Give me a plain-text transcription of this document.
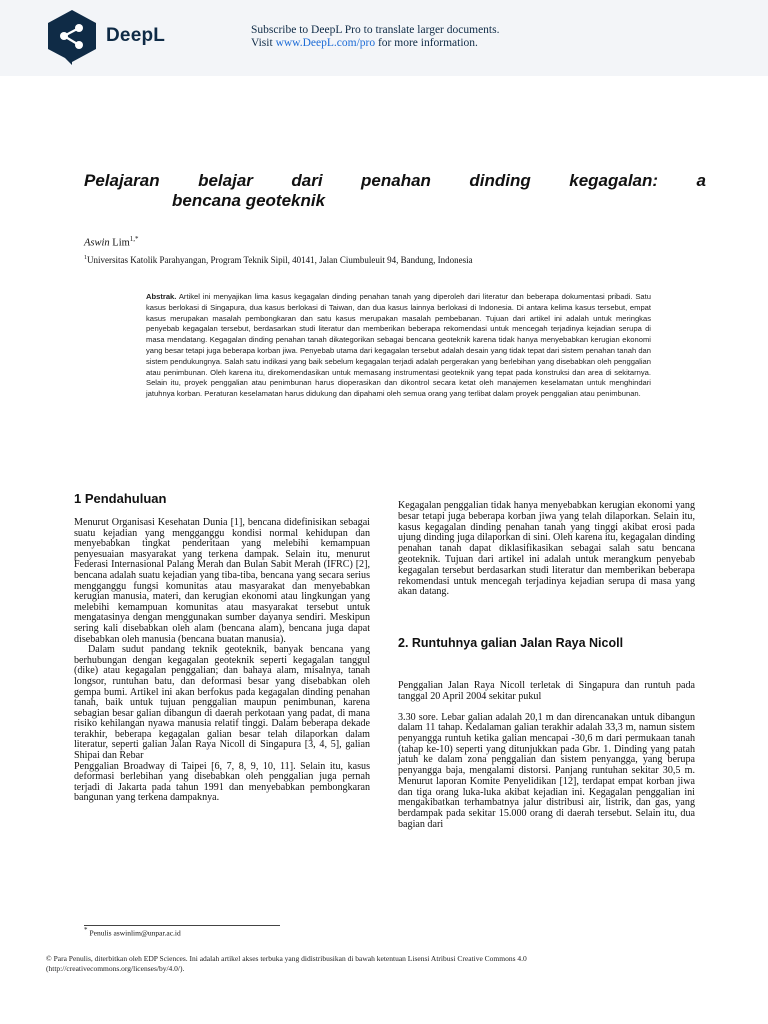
DeepL	Subscribe to DeepL Pro to translate larger documents.
Visit www.DeepL.com/pro for more information.
Pelajaran belajar dari penahan dinding kegagalan: a
bencana geoteknik
Aswin Lim$^{1,*}$
$^1$Universitas Katolik Parahyangan, Program Teknik Sipil, 40141, Jalan Ciumbuleuit 94, Bandung, Indonesia
Abstrak. Artikel ini menyajikan lima kasus kegagalan dinding penahan tanah yang diperoleh dari literatur dan beberapa dokumentasi pribadi. Satu kasus berlokasi di Singapura, dua kasus berlokasi di Taiwan, dan dua kasus lainnya berlokasi di Indonesia. Di antara kelima kasus tersebut, empat kasus merupakan masalah pembongkaran dan satu kasus merupakan masalah pembebanan. Tujuan dari artikel ini adalah untuk meringkas penyebab kegagalan tersebut, berdasarkan studi literatur dan memberikan beberapa rekomendasi untuk mencegah terjadinya kejadian serupa di masa mendatang. Kegagalan dinding penahan tanah dikategorikan sebagai bencana geoteknik karena tidak hanya menyebabkan kerugian ekonomi yang besar tetapi juga beberapa korban jiwa. Penyebab utama dari kegagalan tersebut adalah desain yang tidak tepat dari sistem penahan tanah dan sistem pendukungnya. Salah satu indikasi yang baik sebelum kegagalan terjadi adalah pergerakan yang berlebihan yang disebabkan oleh penggalian atau penimbunan. Oleh karena itu, direkomendasikan untuk memasang instrumentasi geoteknik yang tepat pada konstruksi dan area di sekitarnya. Selain itu, proyek penggalian atau penimbunan harus dioperasikan dan dikontrol secara ketat oleh manajemen keselamatan untuk menghindari jatuhnya korban. Peraturan keselamatan harus didukung dan dipahami oleh semua orang yang terlibat dalam proyek penggalian atau penimbunan.
1 Pendahuluan

Menurut Organisasi Kesehatan Dunia [1], bencana didefinisikan sebagai suatu kejadian yang mengganggu kondisi normal kehidupan dan menyebabkan tingkat penderitaan yang melebihi kemampuan penyesuaian masyarakat yang terkena dampak. Selain itu, menurut Federasi Internasional Palang Merah dan Bulan Sabit Merah (IFRC) [2], bencana adalah suatu kejadian yang tiba-tiba, bencana yang secara serius mengganggu fungsi komunitas atau masyarakat dan menyebabkan kerugian manusia, materi, dan kerugian ekonomi atau lingkungan yang melebihi kemampuan komunitas atau masyarakat tersebut untuk mengatasinya dengan menggunakan sumber dayanya sendiri. Meskipun sering kali disebabkan oleh alam (bencana alam), bencana juga dapat disebabkan oleh manusia (bencana buatan manusia).

Dalam sudut pandang teknik geoteknik, banyak bencana yang berhubungan dengan kegagalan geoteknik seperti kegagalan tanggul (dike) atau kegagalan penggalian; dan bahaya alam, misalnya, tanah longsor, runtuhan batu, dan deformasi besar yang disebabkan oleh gempa bumi. Artikel ini akan berfokus pada kegagalan dinding penahan tanah, baik untuk tujuan penggalian maupun penimbunan, karena sebagian besar galian dibangun di daerah perkotaan yang padat, di mana risiko kehilangan nyawa manusia relatif tinggi. Dalam beberapa dekade terakhir, beberapa kegagalan galian besar telah dilaporkan dalam literatur, seperti galian Jalan Raya Nicoll di Singapura [3, 4, 5], galian Shipai dan Rebar

Penggalian Broadway di Taipei [6, 7, 8, 9, 10, 11]. Selain itu, kasus deformasi berlebihan yang disebabkan oleh penggalian juga pernah terjadi di Jakarta pada tahun 1991 dan menyebabkan pembongkaran bangunan yang terkena dampaknya.

Kegagalan penggalian tidak hanya menyebabkan kerugian ekonomi yang besar tetapi juga beberapa korban jiwa yang telah dilaporkan. Selain itu, kasus kegagalan dinding penahan tanah yang tinggi akibat erosi pada ujung dinding juga dilaporkan di sini. Oleh karena itu, kegagalan dinding penahan tanah dapat diklasifikasikan sebagai salah satu bencana geoteknik. Tujuan dari artikel ini adalah untuk merangkum penyebab kegagalan tersebut berdasarkan studi literatur dan memberikan beberapa rekomendasi untuk mencegah terjadinya kejadian serupa di masa yang akan datang.

2. Runtuhnya galian Jalan Raya Nicoll

Penggalian Jalan Raya Nicoll terletak di Singapura dan runtuh pada tanggal 20 April 2004 sekitar pukul

3.30 sore. Lebar galian adalah 20,1 m dan direncanakan untuk dibangun dalam 11 tahap. Kedalaman galian terakhir adalah 33,3 m, namun sistem penyangga runtuh ketika galian mencapai -30,6 m dari permukaan tanah (tahap ke-10) seperti yang ditunjukkan pada Gbr. 1. Dinding yang patah jatuh ke dalam zona penggalian dan sistem penyangga, yang berupa penyangga baja, mengalami distorsi. Panjang runtuhan sekitar 30,5 m. Menurut laporan Komite Penyelidikan [12], terdapat empat korban jiwa dan tiga orang luka-luka akibat kejadian ini. Kegagalan penggalian ini mengakibatkan terhambatnya jalur distribusi air, listrik, dan gas, yang berdampak pada sekitar 15.000 orang di daerah tersebut. Selain itu, dua bagian dari

* Penulis aswinlim@unpar.ac.id
© Para Penulis, diterbitkan oleh EDP Sciences. Ini adalah artikel akses terbuka yang didistribusikan di bawah ketentuan Lisensi Atribusi Creative Commons 4.0
(http://creativecommons.org/licenses/by/4.0/).
